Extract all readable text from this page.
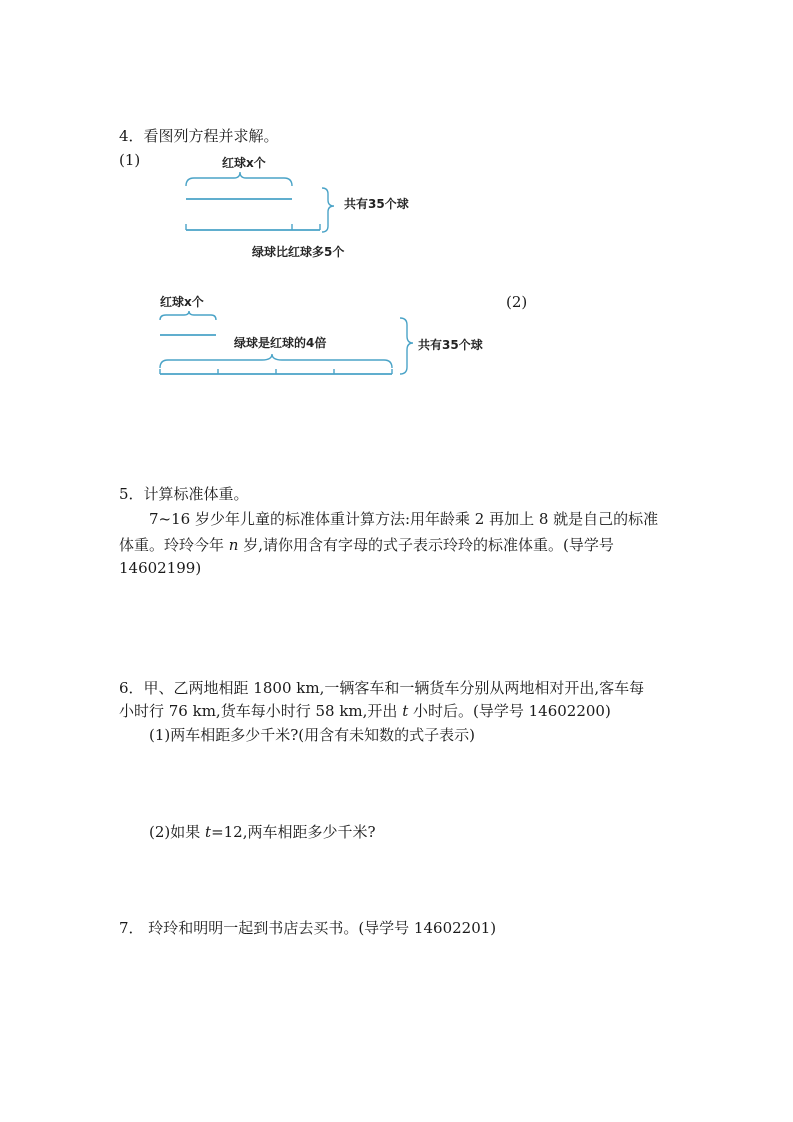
4．看图列方程并求解。
(1)	红球x个
共有35个球
绿球比红球多5个
(2)
红球x个
绿球是红球的4倍	共有35个球
5．计算标准体重。
7~16 岁少年儿童的标准体重计算方法:用年龄乘 2 再加上 8 就是自己的标准
体重。玲玲今年 n 岁,请你用含有字母的式子表示玲玲的标准体重。(导学号
14602199)
6．甲、乙两地相距 1800 km,一辆客车和一辆货车分别从两地相对开出,客车每
小时行 76 km,货车每小时行 58 km,开出 t 小时后。(导学号 14602200)
(1)两车相距多少千米?(用含有未知数的式子表示)
(2)如果 t=12,两车相距多少千米?
7． 玲玲和明明一起到书店去买书。(导学号 14602201)
